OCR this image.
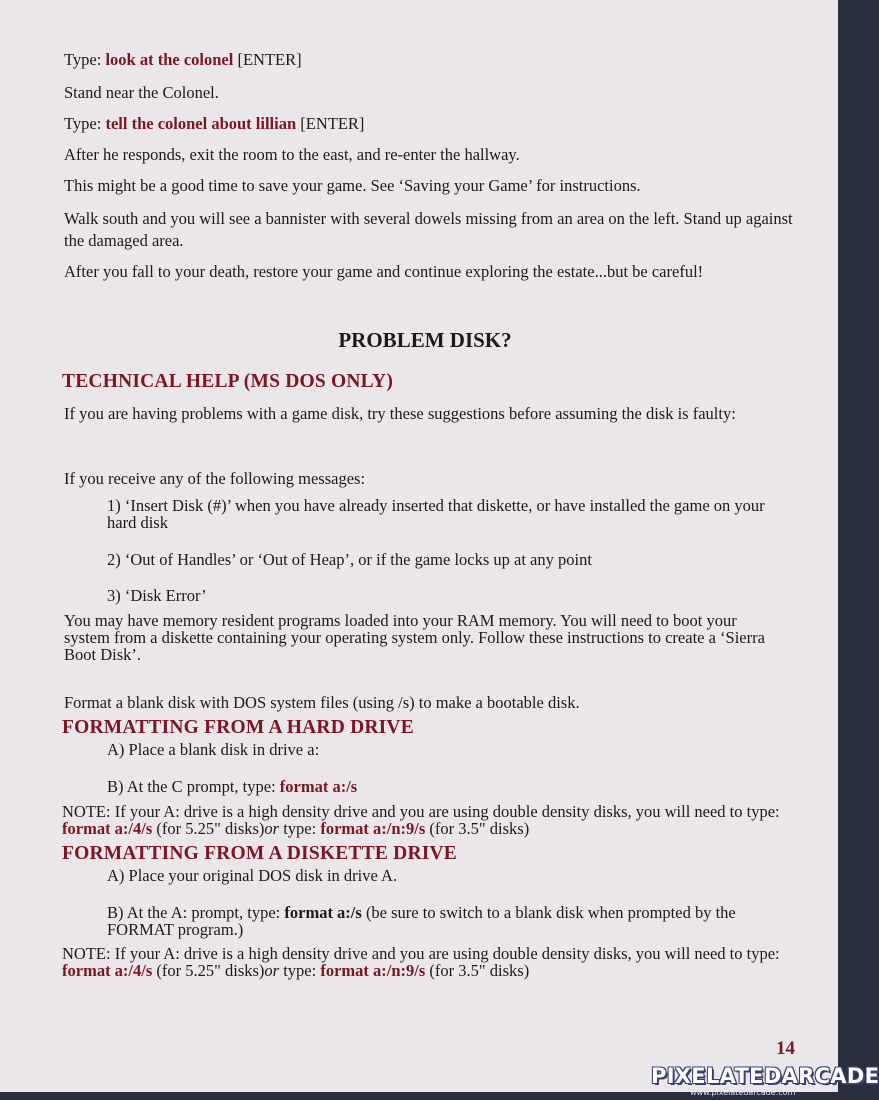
Type: look at the colonel [ENTER]

Stand near the Colonel.

Type: tell the colonel about lillian [ENTER]

After he responds, exit the room to the east, and re-enter the hallway.

This might be a good time to save your game. See ‘Saving your Game’ for instructions.

Walk south and you will see a bannister with several dowels missing from an area on the left. Stand up against the damaged area.

After you fall to your death, restore your game and continue exploring the estate...but be careful!

PROBLEM DISK?
TECHNICAL HELP (MS DOS ONLY)

If you are having problems with a game disk, try these suggestions before assuming the disk is faulty:

If you receive any of the following messages:

1) ‘Insert Disk (#)’ when you have already inserted that diskette, or have installed the game on your hard disk

2) ‘Out of Handles’ or ‘Out of Heap’, or if the game locks up at any point

3) ‘Disk Error’

You may have memory resident programs loaded into your RAM memory. You will need to boot your system from a diskette containing your operating system only. Follow these instructions to create a ‘Sierra Boot Disk’.

Format a blank disk with DOS system files (using /s) to make a bootable disk.

FORMATTING FROM A HARD DRIVE

A) Place a blank disk in drive a:

B) At the C prompt, type: format a:/s

NOTE: If your A: drive is a high density drive and you are using double density disks, you will need to type: format a:/4/s (for 5.25" disks)or type: format a:/n:9/s (for 3.5" disks)

FORMATTING FROM A DISKETTE DRIVE

A) Place your original DOS disk in drive A.

B) At the A: prompt, type: format a:/s (be sure to switch to a blank disk when prompted by the FORMAT program.)

NOTE: If your A: drive is a high density drive and you are using double density disks, you will need to type: format a:/4/s (for 5.25" disks)or type: format a:/n:9/s (for 3.5" disks)

14
PIXELATEDARCADE
www.pixelatedarcade.com
